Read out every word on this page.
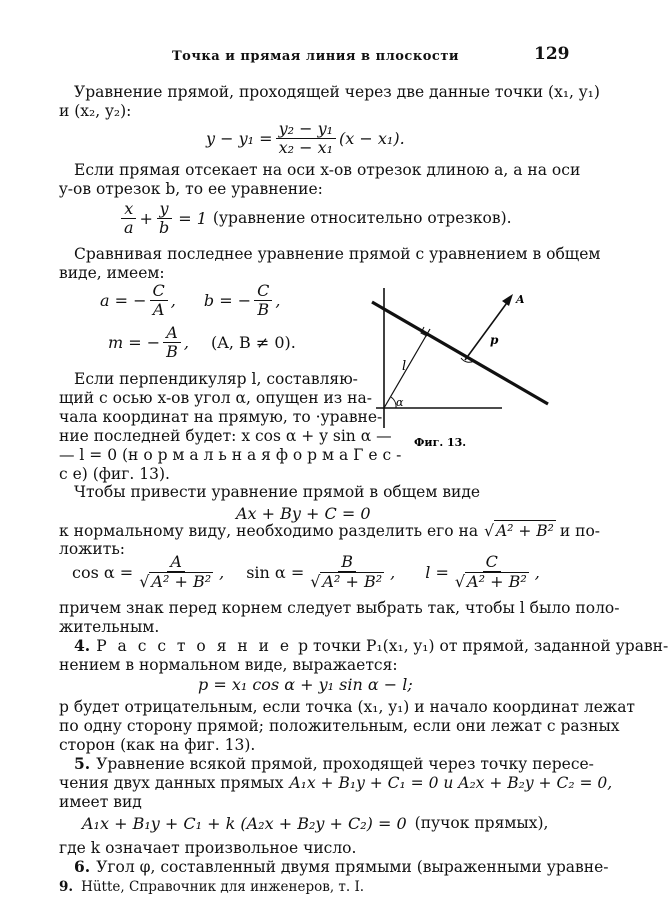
Точка и прямая линия в плоскости	129
Уравнение прямой, проходящей через две данные точки (x₁, y₁)
и (x₂, y₂):
$y - y_1 = \frac{\text{y₂ − y₁}}{\text{x₂ − x₁}} (x - x_1)$.
Если прямая отсекает на оси x-ов отрезок длиною a, а на оси
y-ов отрезок b, то ее уравнение:
$\frac{x}{a} + \frac{y}{b} = 1$ (уравнение относительно отрезков).
Сравнивая последнее уравнение прямой с уравнением в общем
виде, имеем:
a = − $\frac{C}{A}$ , b = − $\frac{C}{B}$ ,
m = − $\frac{A}{B}$ , (A, B ≠ 0).
Если перпендикуляр l, составляю-
щий с осью x-ов угол α, опущен из на-
чала координат на прямую, то ·уравне-
ние последней будет: x cos α + y sin α —
— l = 0 (н о р м а л ь н а я ф о р м а Г е с -
с е) (фиг. 13).
l
α
p
A
Фиг. 13.
Чтобы привести уравнение прямой в общем виде
Ax + By + C = 0
к нормальному виду, необходимо разделить его на √ A² + B² и по-
ложить:
$\cos \alpha = \frac{A}{\text{√ A² + B²}}$ , $\sin \alpha = \frac{B}{\text{√ A² + B²}}$ , $l = \frac{C}{\text{√ A² + B²}}$ ,
причем знак перед корнем следует выбрать так, чтобы l было поло-
жительным.
4. Р а с с т о я н и е p точки P₁(x₁, y₁) от прямой, заданной уравн-
нением в нормальном виде, выражается:
p = x₁ cos α + y₁ sin α − l;
p будет отрицательным, если точка (x₁, y₁) и начало координат лежат
по одну сторону прямой; положительным, если они лежат с разных
сторон (как на фиг. 13).
5. Уравнение всякой прямой, проходящей через точку пересе-
чения двух данных прямых A₁x + B₁y + C₁ = 0 и A₂x + B₂y + C₂ = 0,
имеет вид
A₁x + B₁y + C₁ + k (A₂x + B₂y + C₂) = 0 (пучок прямых),
где k означает произвольное число.
6. Угол φ, составленный двумя прямыми (выраженными уравне-
9. Hütte, Справочник для инженеров, т. I.
